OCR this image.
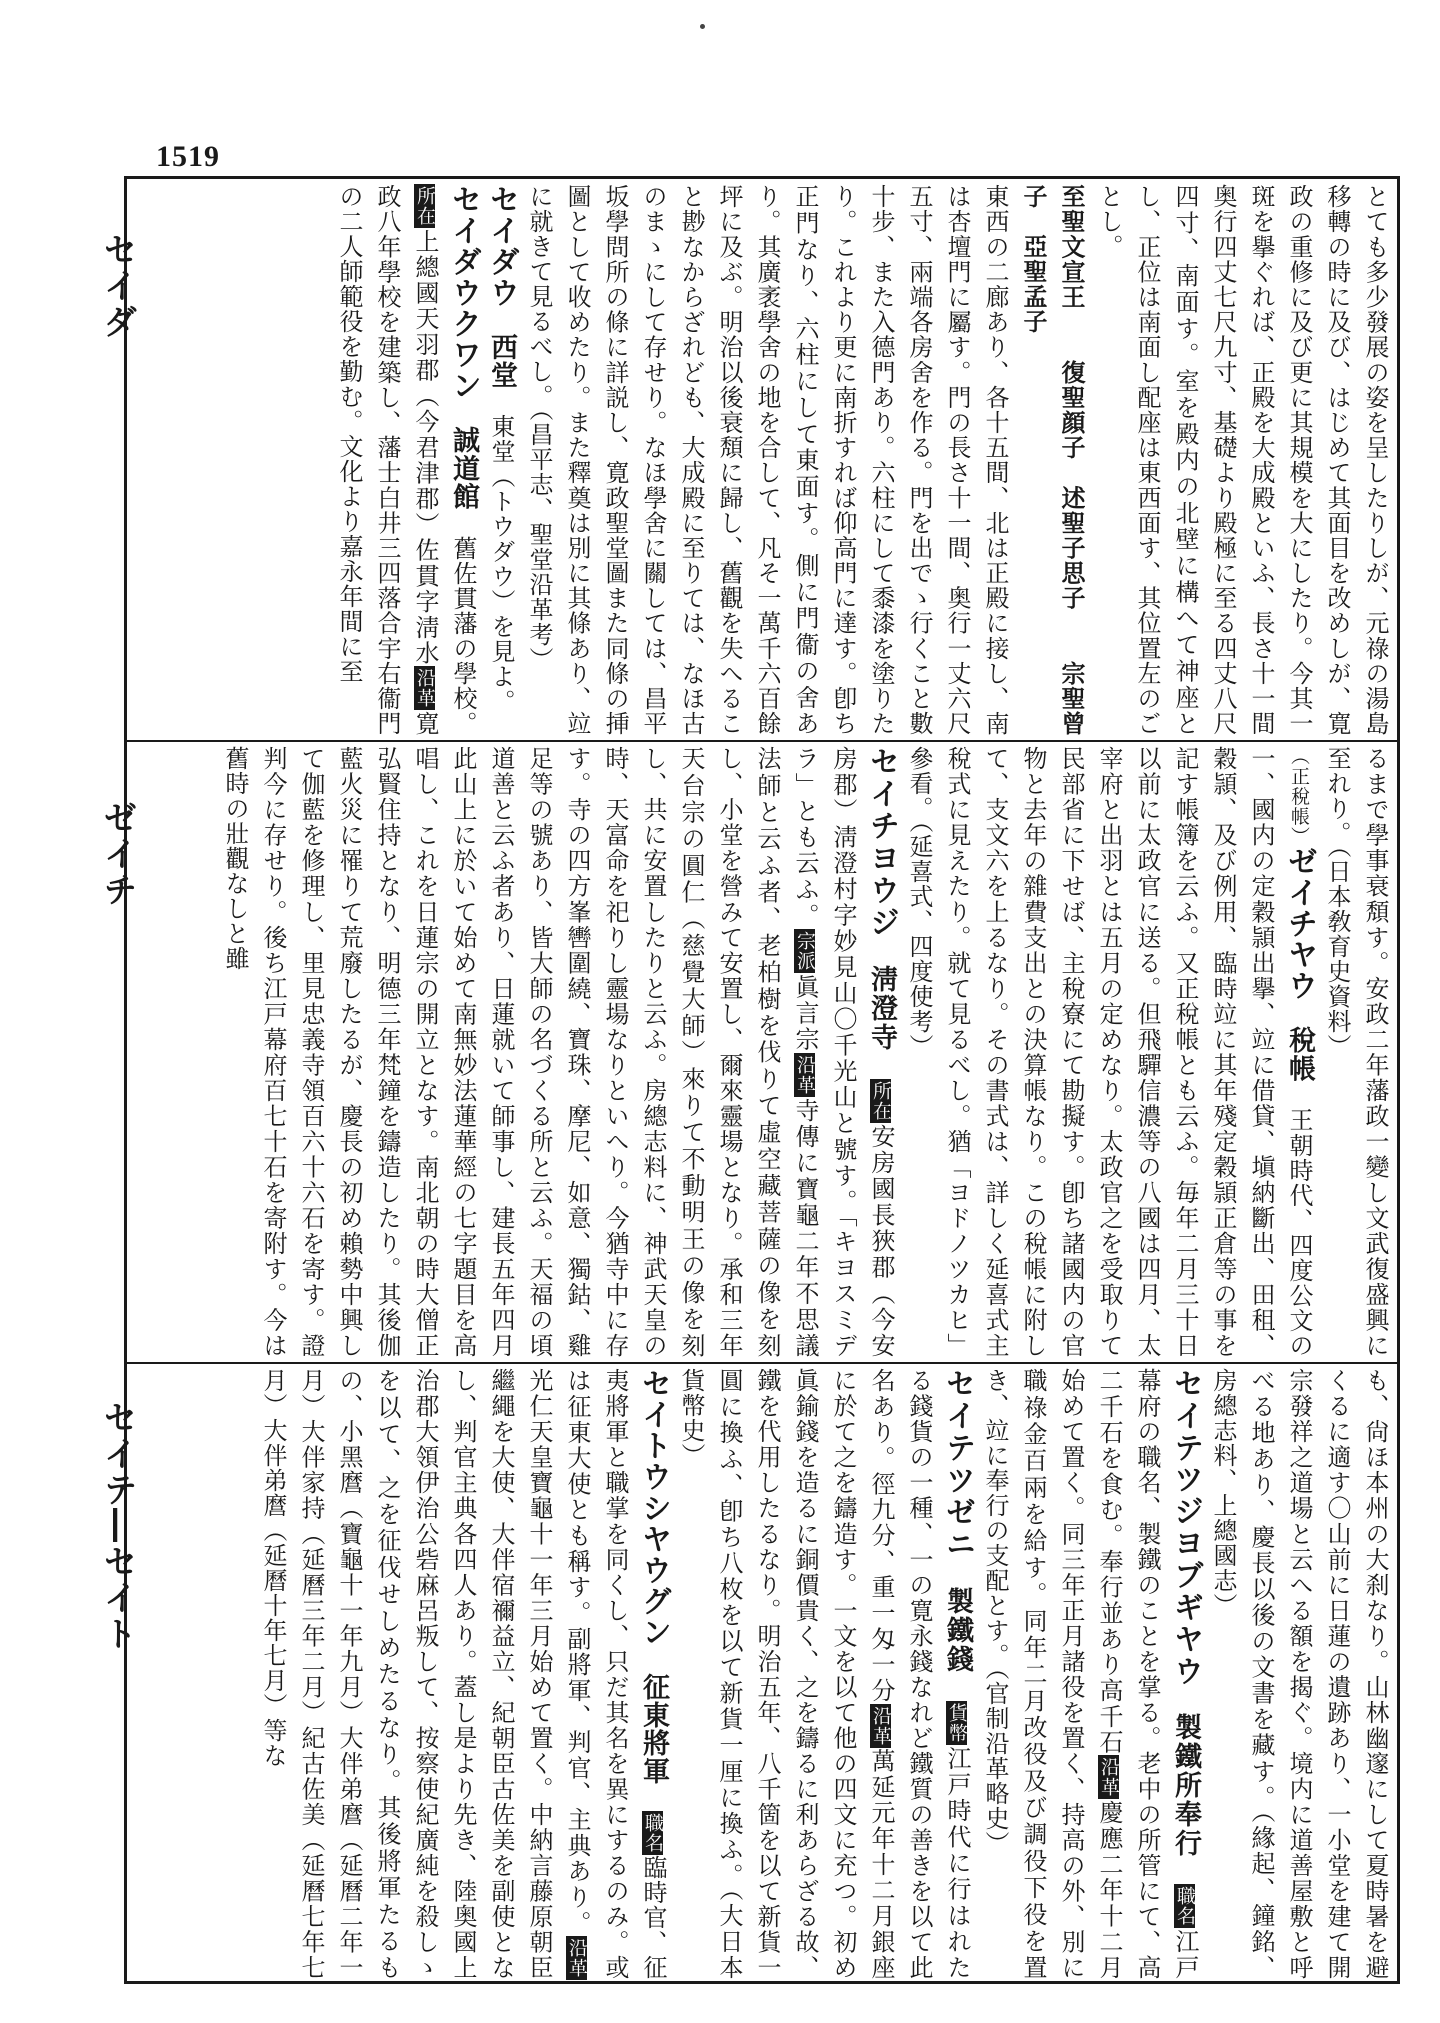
1519
セイダ
ゼイチ
セイテ―セイト

とても多少發展の姿を呈したりしが、元祿の湯島移轉の時に及び、はじめて其面目を改めしが、寛政の重修に及び更に其規模を大にしたり。今其一斑を擧ぐれば、正殿を大成殿といふ、長さ十一間奥行四丈七尺九寸、基礎より殿極に至る四丈八尺四寸、南面す。室を殿内の北壁に構へて神座とし、正位は南面し配座は東西面す、其位置左のごとし。

至聖文宣王　　復聖顔子　述聖子思子　　宗聖曾子　亞聖孟子

東西の二廊あり、各十五間、北は正殿に接し、南は杏壇門に屬す。門の長さ十一間、奥行一丈六尺五寸、兩端各房舍を作る。門を出でゝ行くこと數十步、また入德門あり。六柱にして黍漆を塗りたり。これより更に南折すれば仰高門に達す。卽ち正門なり、六柱にして東面す。側に門衞の舍あり。其廣袤學舍の地を合して、凡そ一萬千六百餘坪に及ぶ。明治以後衰頽に歸し、舊觀を失へること尠なからざれども、大成殿に至りては、なほ古のまゝにして存せり。なほ學舍に關しては、昌平坂學問所の條に詳説し、寛政聖堂圖また同條の挿圖として收めたり。また釋奠は別に其條あり、竝に就きて見るべし。（昌平志、聖堂沿革考）

セイダウ　西堂　東堂（トウダウ）を見よ。

セイダウクワン　誠道館　舊佐貫藩の學校。所在上總國天羽郡（今君津郡）佐貫字淸水沿革寛政八年學校を建築し、藩士白井三四落合宇右衞門の二人師範役を勤む。文化より嘉永年間に至

るまで學事衰頽す。安政二年藩政一變し文武復盛興に至れり。（日本敎育史資料）

（正稅帳）ゼイチヤウ　稅帳　王朝時代、四度公文の一、國内の定穀頴出擧、竝に借貸、塡納斷出、田租、穀頴、及び例用、臨時竝に其年殘定穀頴正倉等の事を記す帳簿を云ふ。又正稅帳とも云ふ。毎年二月三十日以前に太政官に送る。但飛驒信濃等の八國は四月、太宰府と出羽とは五月の定めなり。太政官之を受取りて民部省に下せば、主稅寮にて勘擬す。卽ち諸國内の官物と去年の雜費支出との決算帳なり。この稅帳に附して、支文六を上るなり。その書式は、詳しく延喜式主稅式に見えたり。就て見るべし。猶「ヨドノツカヒ」參看。（延喜式、四度使考）

セイチヨウジ　淸澄寺　所在安房國長狹郡（今安房郡）淸澄村字妙見山〇千光山と號す。「キヨスミデラ」とも云ふ。宗派眞言宗沿革寺傳に寶龜二年不思議法師と云ふ者、老柏樹を伐りて虛空藏菩薩の像を刻し、小堂を營みて安置し、爾來靈場となり。承和三年天台宗の圓仁（慈覺大師）來りて不動明王の像を刻し、共に安置したりと云ふ。房總志料に、神武天皇の時、天富命を祀りし靈場なりといへり。今猶寺中に存す。寺の四方峯轡圍繞、寶珠、摩尼、如意、獨鈷、雞足等の號あり、皆大師の名づくる所と云ふ。天福の頃道善と云ふ者あり、日蓮就いて師事し、建長五年四月此山上に於いて始めて南無妙法蓮華經の七字題目を高唱し、これを日蓮宗の開立となす。南北朝の時大僧正弘賢住持となり、明德三年梵鐘を鑄造したり。其後伽藍火災に罹りて荒廢したるが、慶長の初め賴勢中興して伽藍を修理し、里見忠義寺領百六十六石を寄す。證判今に存せり。後ち江戸幕府百七十石を寄附す。今は舊時の壯觀なしと雖

も、尙ほ本州の大刹なり。山林幽邃にして夏時暑を避くるに適す〇山前に日蓮の遺跡あり、一小堂を建て開宗發祥之道場と云へる額を揭ぐ。境内に道善屋敷と呼べる地あり、慶長以後の文書を藏す。（緣起、鐘銘、房總志料、上總國志）

セイテツジヨブギヤウ　製鐵所奉行　職名江戸幕府の職名、製鐵のことを掌る。老中の所管にて、高二千石を食む。奉行並あり高千石沿革慶應二年十二月始めて置く。同三年正月諸役を置く、持高の外、別に職祿金百兩を給す。同年二月改役及び調役下役を置き、竝に奉行の支配とす。（官制沿革略史）

セイテツゼニ　製鐵錢　貨幣江戸時代に行はれたる錢貨の一種、一の寛永錢なれど鐵質の善きを以て此名あり。徑九分、重一匁一分沿革萬延元年十二月銀座に於て之を鑄造す。一文を以て他の四文に充つ。初め眞鍮錢を造るに銅價貴く、之を鑄るに利あらざる故、鐵を代用したるなり。明治五年、八千箇を以て新貨一圓に換ふ、卽ち八枚を以て新貨一厘に換ふ。（大日本貨幣史）

セイトウシヤウグン　征東將軍　職名臨時官、征夷將軍と職掌を同くし、只だ其名を異にするのみ。或は征東大使とも稱す。副將軍、判官、主典あり。沿革光仁天皇寶龜十一年三月始めて置く。中納言藤原朝臣繼繩を大使、大伴宿禰益立、紀朝臣古佐美を副使となし、判官主典各四人あり。蓋し是より先き、陸奥國上治郡大領伊治公砦麻呂叛して、按察使紀廣純を殺しゝを以て、之を征伐せしめたるなり。其後將軍たるもの、小黑麿（寶龜十一年九月）大伴弟麿（延曆二年一月）大伴家持（延曆三年二月）紀古佐美（延曆七年七月）大伴弟麿（延曆十年七月）等な
